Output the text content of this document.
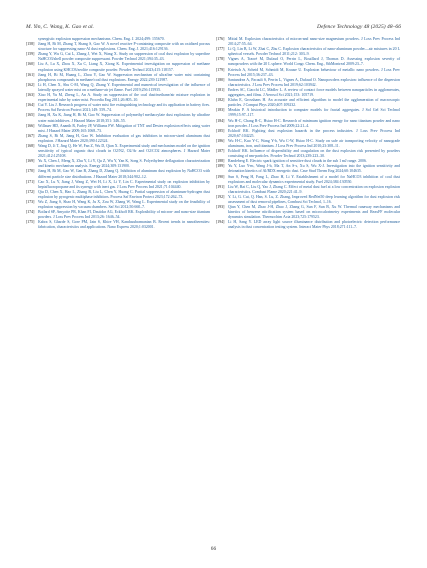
M. Yin, C. Wang, K. Gao et al.	Defence Technology 48 (2025) 48–66

synergistic explosion suppression mechanisms. Chem. Eng. J. 2024;499: 155670.

[158] Jiang H, Bi M, Zhang T, Shang S, Gao W. A novel reactive P-containing composite with an oxidized porous structure for suppressing nano-Al dust explosions. Chem. Eng. J. 2021;416:129136.

[159] Zhang Y, Wu G, Cai L, Zhang J, Wei X, Wang X. Study on suppression of coal dust explosion by superfine NaHCO3/shell powder composite suppressant. Powder Technol 2021;394:35–43.

[160] Liu A, Lu X, Zhou X, Xu C, Liang X, Xiong K. Experimental investigation on suppression of methane explosion using KHCO3/zeolite composite powder. Powder Technol 2023;415:118157.

[161] Jiang H, Bi M, Huang L, Zhou Y, Gao W. Suppression mechanism of ultrafine water mist containing phosphorus compounds in methane/coal dust explosions. Energy 2022;239:121987.

[162] Li H, Chen X, Shu C-M, Wang Q, Zhang Y. Experimental and numerical investigation of the influence of laterally sprayed water mist on a methane-air jet flame. Fuel 2019;256:115935.

[163] Xiao H, Yu M, Zheng L, An A. Study on suppression of the coal dust/methane/air mixture explosion in experimental tube by water mist. Procedia Eng 2011;26:805–10.

[164] Cui Y. Liu J. Research progress of water mist fire extinguishing technology and its application in battery fires. Process Saf Environ Protect 2021;149: 559–74.

[165] Jiang H, Xu K, Jiang H, Bi M, Gao W. Suppression of polymethyl methacrylate dust explosions by ultrafine water mist/additives. J Hazard Mater 2018;351: 346–55.

[166] Willauer HD, Ananth R, Farley JP, Williams FW. Mitigation of TNT and Destex explosion effects using water mist. J Hazard Mater 2009;165:1068–73.

[167] Zhang S, Bi M, Jiang H, Gao W. Inhibition evaluation of gas inhibitors in micron-sized aluminum dust explosion. J Hazard Mater 2020;390:122324.

[168] Wang D, Ji T, Jing Q, He W, Fan Z, Wu D, Qian X. Experimental study and mechanism model on the ignition sensitivity of typical organic dust clouds in O2/N2, O2/Ar and O2/CO2 atmospheres. J Hazard Mater 2021;412:125108.

[169] Yu X, Chen J, Meng X, Zhu Y, Li Y, Qu Z, Wu Y, Yan K, Song S. Polyethylene deflagration characterization and kinetic mechanism analysis. Energy 2024;309:131900.

[170] Jiang H, Bi M, Gao W, Gan B, Zhang D, Zhang Q. Inhibition of aluminum dust explosion by NaHCO3 with different particle size distributions. J Hazard Mater 2018;344:902–12.

[171] Cao X, Lu Y, Jiang J, Wang Z, Wei H, Li X, Li Y, Lin C. Experimental study on explosion inhibition by heptafluoropropane and its synergy with inert gas. J Loss Prev Process Ind 2021;71:104440.

[172] Qiu D, Chen X, Hao L, Zhang B, Liu L, Chen Y, Huang C. Partial suppression of aluminum-hydrogen dust explosion by pyrogenic multiphase inhibitors. Process Saf Environ Protect 2023;172:262–73.

[173] Wu Z, Jiang S, Shao H, Wang K, Ju X, Zou W, Zhang W, Wang L. Experimental study on the feasibility of explosion suppression by vacuum chambers. Saf Sci 2012;50:660–7.

[174] Boilard SP, Amyotte PR, Khan FI, Dastidar AG, Eckhoff RK. Explosibility of micron- and nano-size titanium powders. J Loss Prev Process Ind 2013;26: 1646–54.

[175] Kabra S, Gharde S, Gore PM, Jain S, Khire VH, Kandasubramanian B. Recent trends in nanothermites: fabrication, characteristics and applications. Nano Express 2020;1:032001.

[176] Mittal M. Explosion characteristics of micron-and nano-size magnesium powders. J Loss Prev Process Ind 2014;27:55–64.

[177] Li Q, Lin B, Li W, Zhai C, Zhu C. Explosion characteristics of nano-aluminum powder—air mixtures in 20 L spherical vessels. Powder Technol 2011;212: 303–9.

[178] Vignes A, Traoré M, Dufaud O, Perrin L, Bouillard J, Thomas D. Assessing explosion severity of nanopowders with the 20 L sphere. World Congr. Chem. Eng., 8thMontreal 2009:23–7.

[179] Krietsch A, Scheid M, Schmidt M, Krause U. Explosion behaviour of metallic nano powders. J Loss Prev Process Ind 2015;36:237–43.

[180] Santandrea A, Pacault S, Perrin L, Vignes A, Dufaud O. Nanopowders explosion: influence of the dispersion characteristics. J Loss Prev Process Ind 2019;62:103942.

[181] Endres SC, Ciacchi LC, Mädler L. A review of contact force models between nanoparticles in agglomerates, aggregates, and films. J Aerosol Sci 2021;153: 105719.

[182] Klahn E, Grosshans H. An accurate and efficient algorithm to model the agglomeration of macroscopic particles. J Comput Phys 2020;407:109232.

[183] Meakin P. A historical introduction to computer models for fractal aggregates. J Sol Gel Sci Technol 1999;15:97–117.

[184] Wu H-C, Chang R-C, Hsiao H-C. Research of minimum ignition energy for nano titanium powder and nano iron powder. J Loss Prev Process Ind 2009;22:21–4.

[185] Eckhoff RK. Fighting dust explosion hazards in the process industries. J Loss Prev Process Ind 2020;67:104225.

[186] Wu H-C, Kuo Y-C, Wang Y-h, Wu C-W, Hsiao H-C. Study on safe air transporting velocity of nanograde aluminum, iron, and titanium. J Loss Prev Process Ind 2010;23:308–11.

[187] Eckhoff RK. Influence of dispersibility and coagulation on the dust explosion risk presented by powders consisting of nm-particles. Powder Technol 2013;239:223–30.

[188] Randeberg E. Electric spark ignition of sensitive dust clouds in the sub 1 mJ range. 2006.

[189] Yu Y, Luo Y-m, Wang J-b, Ma T, An S-s, Xu S, Wu X-J. Investigation into the ignition sensitivity and detonation kinetics of Al/RDX energetic dust. Case Stud Therm Eng 2024;60:104635.

[190] Sun S, Peng H, Fang L, Zhao H, Li Y. Establishment of a model for NaHCO3 inhibition of coal dust explosions and molecular dynamics experimental study. Fuel 2024;384:130550.

[191] Liu W, Bai C, Liu Q, Yao J, Zhang C. Effect of metal dust fuel at a low concentration on explosion explosion characteristics. Combust Flame 2020;221:41–9.

[192] Y. Li, G. Cui, Q. Han, S. Lu, Z. Zhang, Improved RedNet50 deep learning algorithm for dust explosion risk assessment of dust removal pipelines, Combust Sci Technol, 1–16.

[193] Qian Y, Chen M, Zhao J-H, Zhao J, Zhang G, Sun F, Sun B, Xu W. Thermal runaway mechanisms and kinetics of benzene nitrification system based on microcalorimetry experiments and ReaxFF molecular dynamics simulation. Thermochim Acta 2023;725:179523.

[194] Li H, Sang Y. LED array light source illuminance distribution and photoelectric detection performance analysis in dust concentration testing system. Interact Mater Phys 2018;271:111–7.

66
